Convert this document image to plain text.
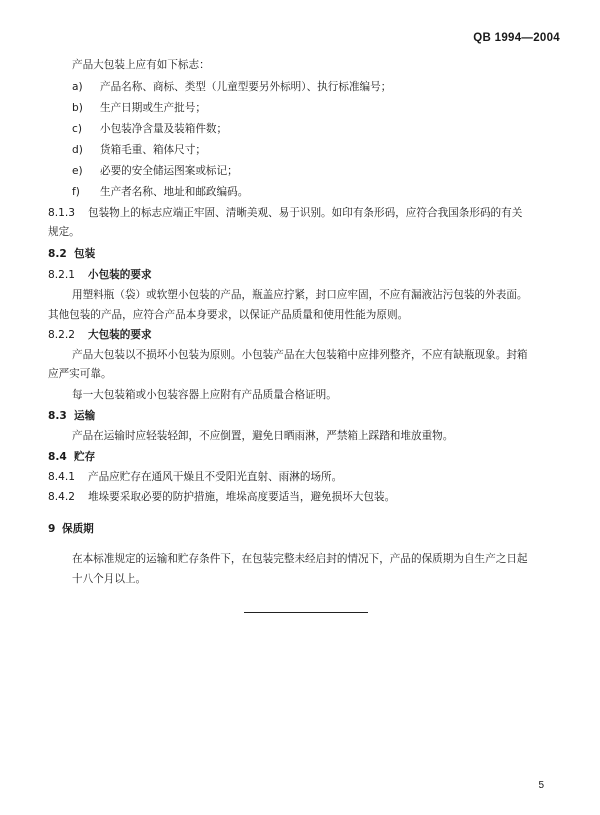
QB 1994—2004
产品大包装上应有如下标志：
a) 产品名称、商标、类型（儿童型要另外标明）、执行标准编号；
b) 生产日期或生产批号；
c) 小包装净含量及装箱件数；
d) 货箱毛重、箱体尺寸；
e) 必要的安全储运图案或标记；
f) 生产者名称、地址和邮政编码。
8.1.3 包装物上的标志应端正牢固、清晰美观、易于识别。如印有条形码，应符合我国条形码的有关
规定。
8.2 包装
8.2.1 小包装的要求
用塑料瓶（袋）或软塑小包装的产品，瓶盖应拧紧，封口应牢固，不应有漏液沾污包装的外表面。
其他包装的产品，应符合产品本身要求，以保证产品质量和使用性能为原则。
8.2.2 大包装的要求
产品大包装以不损坏小包装为原则。小包装产品在大包装箱中应排列整齐，不应有缺瓶现象。封箱
应严实可靠。
每一大包装箱或小包装容器上应附有产品质量合格证明。
8.3 运输
产品在运输时应轻装轻卸，不应倒置，避免日晒雨淋，严禁箱上踩踏和堆放重物。
8.4 贮存
8.4.1 产品应贮存在通风干燥且不受阳光直射、雨淋的场所。
8.4.2 堆垛要采取必要的防护措施，堆垛高度要适当，避免损坏大包装。
9 保质期
在本标准规定的运输和贮存条件下，在包装完整未经启封的情况下，产品的保质期为自生产之日起
十八个月以上。
5
